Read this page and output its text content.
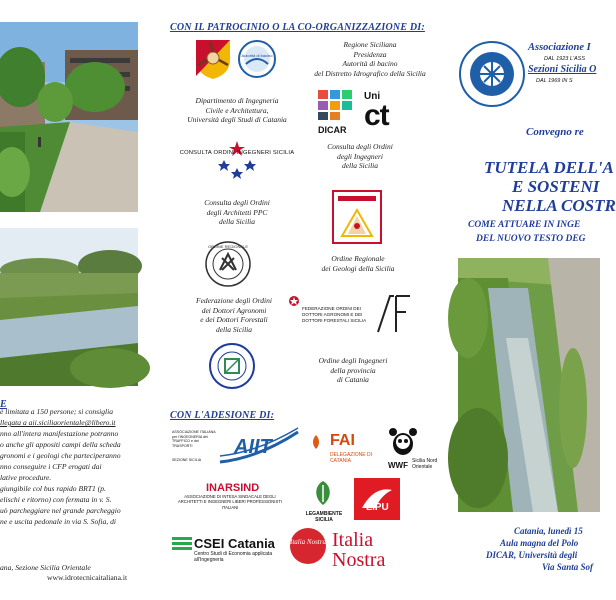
E
è limitata a 150 persone; si consiglia
llegata a aii.siciliaorientale@libero.it
nno all'intera manifestazione potranno
o anche gli appositi campi della scheda
gronomi e i geologi che parteciperanno
nno conseguire i CFP erogati dai
lative procedure.
giungibile col bus rapido BRT1 (p.
elischi e ritorno) con fermata in v. S.
uò parcheggiare nel grande parcheggio
ne e uscita pedonale in via S. Sofia, di
ana, Sezione Sicilia Orientale
www.idrotecnicaitaliana.it
CON IL PATROCINIO O LA CO-ORGANIZZAZIONE DI:
Autorità di bacino
Regione Siciliana
Presidenza
Autorità di bacino
del Distretto Idrografico della Sicilia
Dipartimento di Ingegneria
Civile e Architettura,
Università degli Studi di Catania
DICAR
Uni
ct
CONSULTA ORDINI INGEGNERI SICILIA
Consulta degli Ordini
degli Ingegneri
della Sicilia
Consulta degli Ordini
degli Architetti PPC
della Sicilia
ORDINE REGIONALE
Ordine Regionale
dei Geologi della Sicilia
Federazione degli Ordini
dei Dottori Agronomi
e dei Dottori Forestali
della Sicilia
FEDERAZIONE ORDINI DEI DOTTORI AGRONOMI E DEI DOTTORI FORESTALI SICILIA
Ordine degli Ingegneri
della provincia
di Catania
CON L'ADESIONE DI:
ASSOCIAZIONE ITALIANA per l'INGEGNERIA del TRAFFICO e dei TRASPORTI
SEZIONE SICILIA
AIIT	FAI
DELEGAZIONE DI CATANIA	WWF Sicilia Nord Orientale
INARSIND
ASSOCIAZIONE DI INTESA SINDACALE DEGLI ARCHITETTI E INGEGNERI LIBERI PROFESSIONISTI ITALIANI
LEGAMBIENTE SICILIA
LIPU
CSEI Catania
Centro Studi di Economia applicata all'Ingegneria
Italia Nostra Italia
Nostra
Associazione I
DAL 1923 L'ASS
Sezioni Sicilia O
DAL 1969 IN S
Convegno re
TUTELA DELL'A
E SOSTENI
NELLA COSTR
COME ATTUARE IN INGE
DEL NUOVO TESTO DEG
Catania, lunedì 15
Aula magna del Polo
DICAR, Università degli
Via Santa Sof
